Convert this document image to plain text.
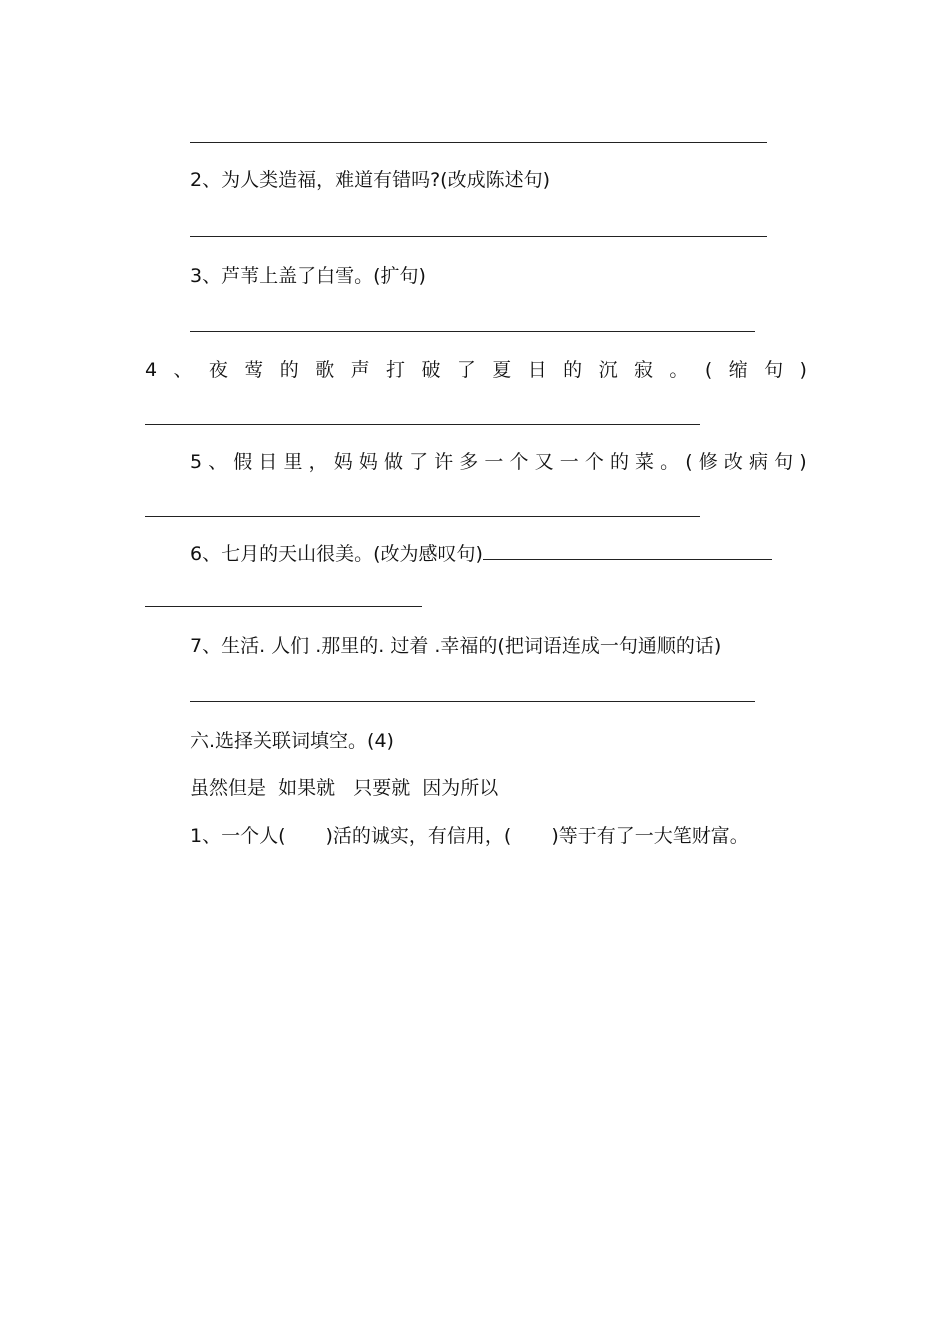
2、为人类造福，难道有错吗?(改成陈述句)
3、芦苇上盖了白雪。(扩句)
4 、 夜 莺 的 歌 声 打 破 了 夏 日 的 沉 寂 。 ( 缩 句 )
5 、 假 日 里 ， 妈 妈 做 了 许 多 一 个 又 一 个 的 菜 。 ( 修 改 病 句 )
6、七月的天山很美。(改为感叹句)
7、生活. 人们 .那里的. 过着 .幸福的(把词语连成一句通顺的话)
六.选择关联词填空。(4)
虽然但是  如果就   只要就  因为所以
1、一个人( )活的诚实，有信用，( )等于有了一大笔财富。
